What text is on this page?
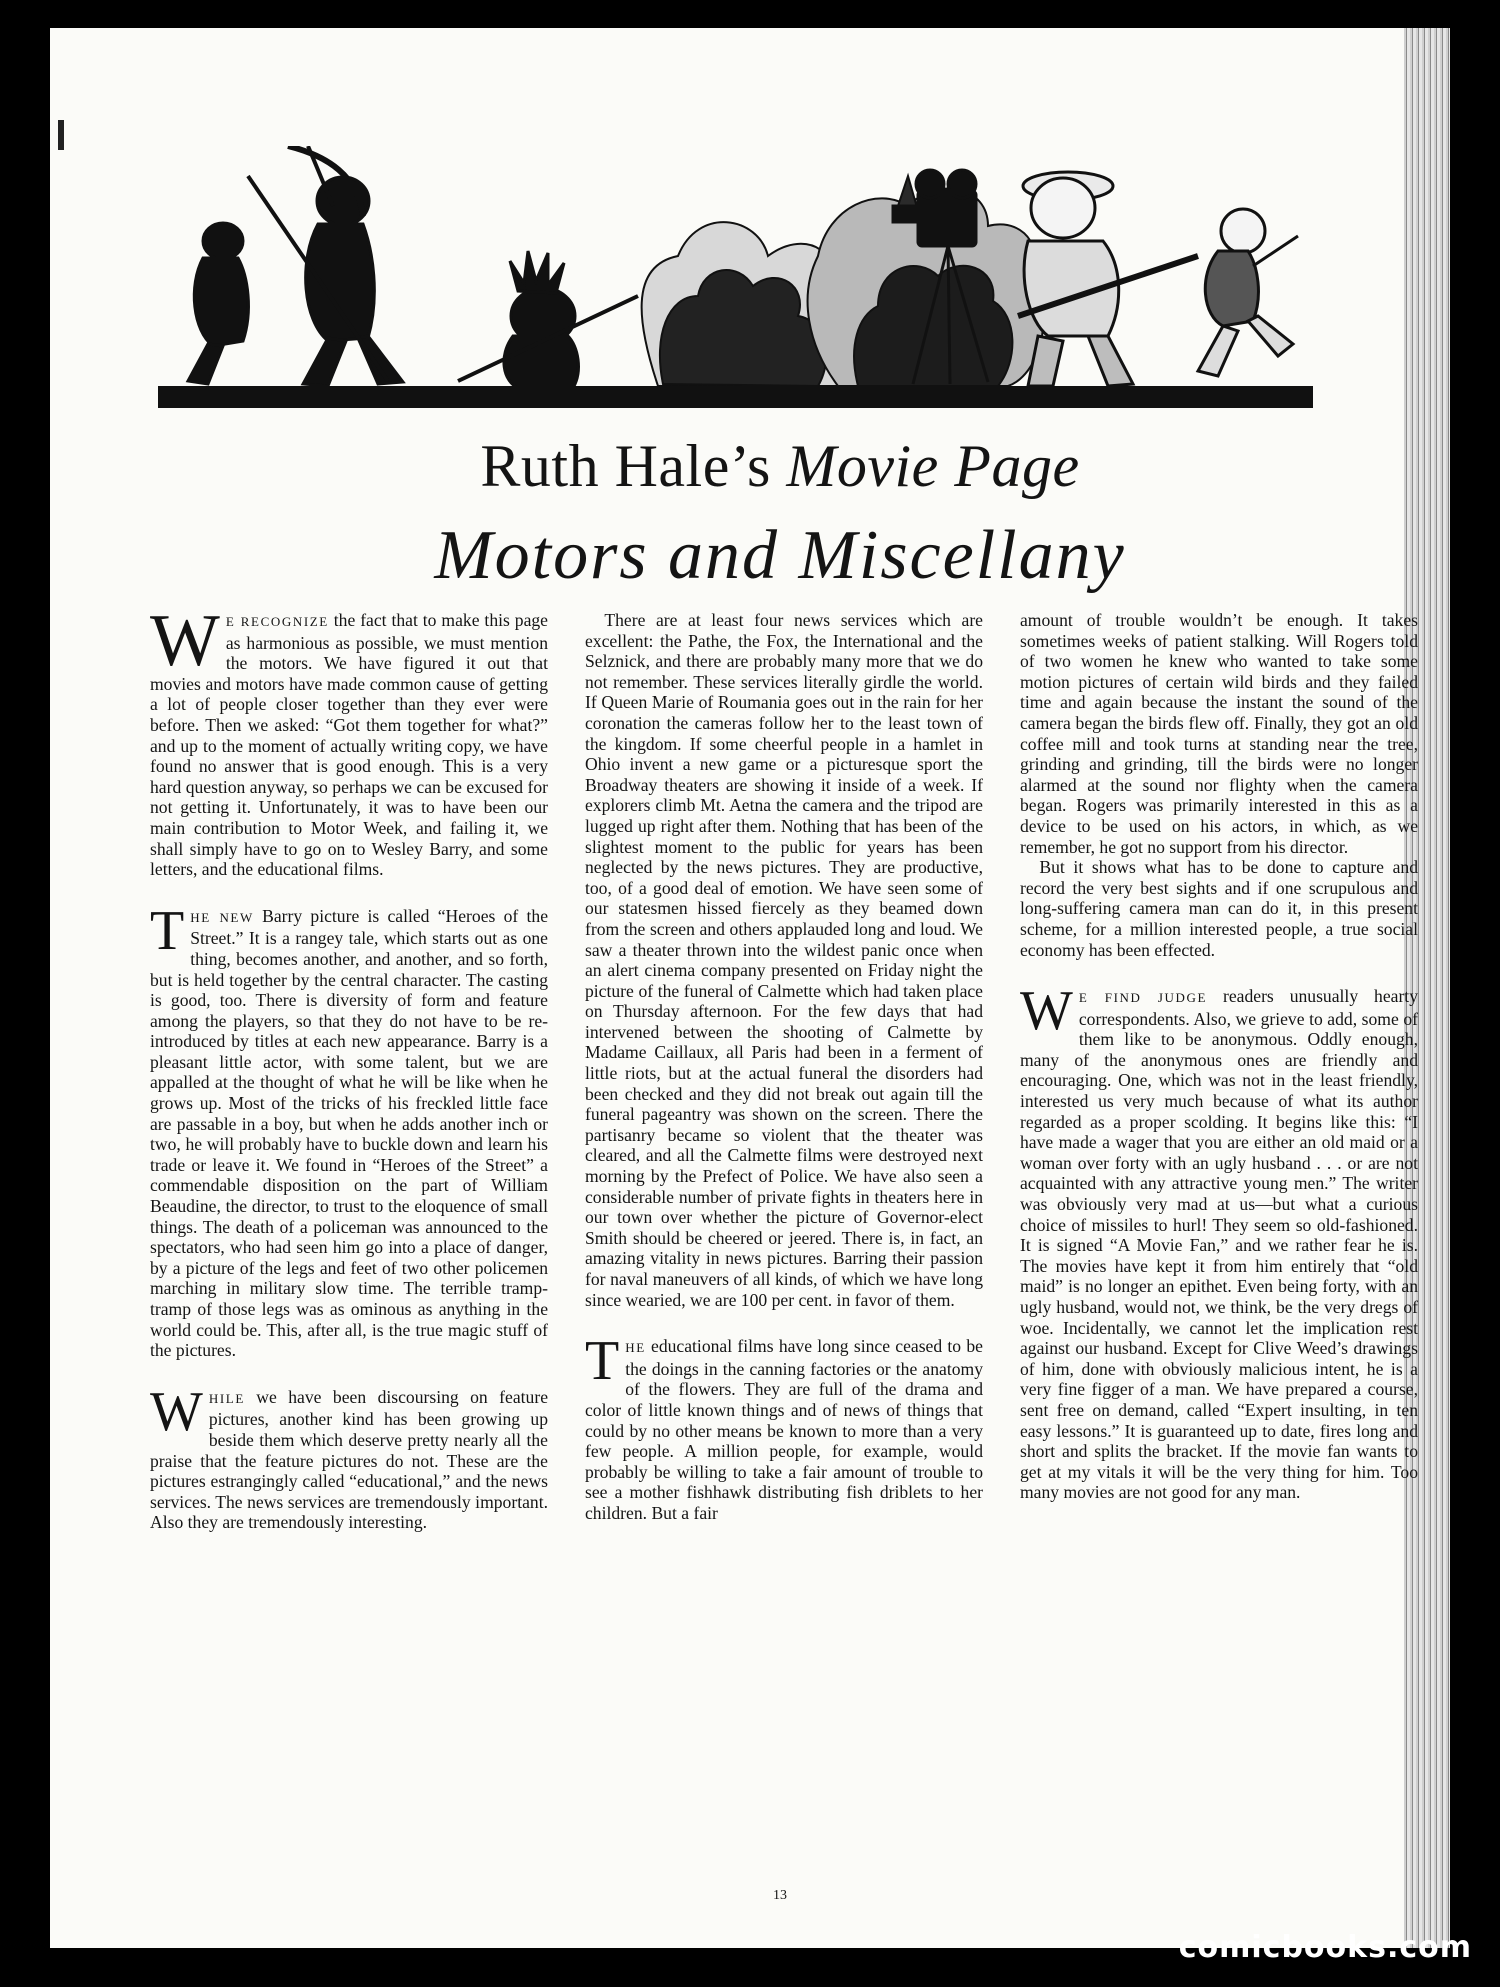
Ruth Hale’s Movie Page
Motors and Miscellany

WE RECOGNIZE the fact that to make this page as harmonious as possible, we must mention the motors. We have figured it out that movies and motors have made common cause of getting a lot of people closer together than they ever were before. Then we asked: “Got them together for what?” and up to the moment of actually writing copy, we have found no answer that is good enough. This is a very hard question anyway, so perhaps we can be excused for not getting it. Unfortunately, it was to have been our main contribution to Motor Week, and failing it, we shall simply have to go on to Wesley Barry, and some letters, and the educational films.

THE NEW Barry picture is called “Heroes of the Street.” It is a rangey tale, which starts out as one thing, becomes another, and another, and so forth, but is held together by the central character. The casting is good, too. There is diversity of form and feature among the players, so that they do not have to be re-introduced by titles at each new appearance. Barry is a pleasant little actor, with some talent, but we are appalled at the thought of what he will be like when he grows up. Most of the tricks of his freckled little face are passable in a boy, but when he adds another inch or two, he will probably have to buckle down and learn his trade or leave it. We found in “Heroes of the Street” a commendable disposition on the part of William Beaudine, the director, to trust to the eloquence of small things. The death of a policeman was announced to the spectators, who had seen him go into a place of danger, by a picture of the legs and feet of two other policemen marching in military slow time. The terrible tramp-tramp of those legs was as ominous as anything in the world could be. This, after all, is the true magic stuff of the pictures.

WHILE we have been discoursing on feature pictures, another kind has been growing up beside them which deserve pretty nearly all the praise that the feature pictures do not. These are the pictures estrangingly called “educational,” and the news services. The news services are tremendously important. Also they are tremendously interesting.

There are at least four news services which are excellent: the Pathe, the Fox, the International and the Selznick, and there are probably many more that we do not remember. These services literally girdle the world. If Queen Marie of Roumania goes out in the rain for her coronation the cameras follow her to the least town of the kingdom. If some cheerful people in a hamlet in Ohio invent a new game or a picturesque sport the Broadway theaters are showing it inside of a week. If explorers climb Mt. Aetna the camera and the tripod are lugged up right after them. Nothing that has been of the slightest moment to the public for years has been neglected by the news pictures. They are productive, too, of a good deal of emotion. We have seen some of our statesmen hissed fiercely as they beamed down from the screen and others applauded long and loud. We saw a theater thrown into the wildest panic once when an alert cinema company presented on Friday night the picture of the funeral of Calmette which had taken place on Thursday afternoon. For the few days that had intervened between the shooting of Calmette by Madame Caillaux, all Paris had been in a ferment of little riots, but at the actual funeral the disorders had been checked and they did not break out again till the funeral pageantry was shown on the screen. There the partisanry became so violent that the theater was cleared, and all the Calmette films were destroyed next morning by the Prefect of Police. We have also seen a considerable number of private fights in theaters here in our town over whether the picture of Governor-elect Smith should be cheered or jeered. There is, in fact, an amazing vitality in news pictures. Barring their passion for naval maneuvers of all kinds, of which we have long since wearied, we are 100 per cent. in favor of them.

THE educational films have long since ceased to be the doings in the canning factories or the anatomy of the flowers. They are full of the drama and color of little known things and of news of things that could by no other means be known to more than a very few people. A million people, for example, would probably be willing to take a fair amount of trouble to see a mother fishhawk distributing fish driblets to her children. But a fair

amount of trouble wouldn’t be enough. It takes sometimes weeks of patient stalking. Will Rogers told of two women he knew who wanted to take some motion pictures of certain wild birds and they failed time and again because the instant the sound of the camera began the birds flew off. Finally, they got an old coffee mill and took turns at standing near the tree, grinding and grinding, till the birds were no longer alarmed at the sound nor flighty when the camera began. Rogers was primarily interested in this as a device to be used on his actors, in which, as we remember, he got no support from his director.

But it shows what has to be done to capture and record the very best sights and if one scrupulous and long-suffering camera man can do it, in this present scheme, for a million interested people, a true social economy has been effected.

WE FIND JUDGE readers unusually hearty correspondents. Also, we grieve to add, some of them like to be anonymous. Oddly enough, many of the anonymous ones are friendly and encouraging. One, which was not in the least friendly, interested us very much because of what its author regarded as a proper scolding. It begins like this: “I have made a wager that you are either an old maid or a woman over forty with an ugly husband . . . or are not acquainted with any attractive young men.” The writer was obviously very mad at us—but what a curious choice of missiles to hurl! They seem so old-fashioned. It is signed “A Movie Fan,” and we rather fear he is. The movies have kept it from him entirely that “old maid” is no longer an epithet. Even being forty, with an ugly husband, would not, we think, be the very dregs of woe. Incidentally, we cannot let the implication rest against our husband. Except for Clive Weed’s drawings of him, done with obviously malicious intent, he is a very fine figger of a man. We have prepared a course, sent free on demand, called “Expert insulting, in ten easy lessons.” It is guaranteed up to date, fires long and short and splits the bracket. If the movie fan wants to get at my vitals it will be the very thing for him. Too many movies are not good for any man.

13
comicbooks.com
